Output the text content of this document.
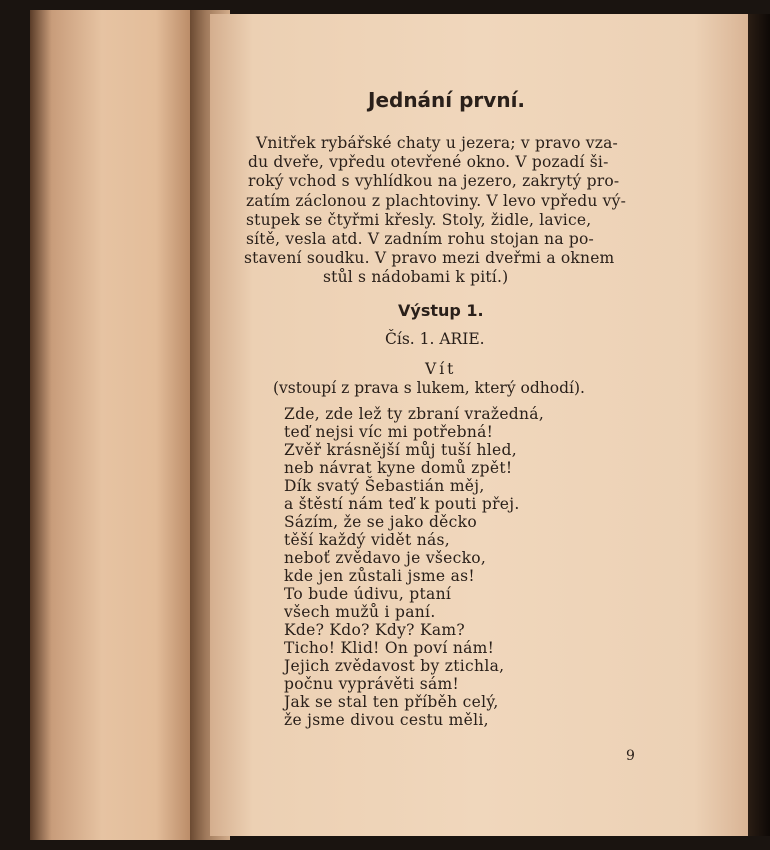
Jednání první.
Vnitřek rybářské chaty u jezera; v pravo vza-
du dveře, vpředu otevřené okno. V pozadí ši-
roký vchod s vyhlídkou na jezero, zakrytý pro-
zatím záclonou z plachtoviny. V levo vpředu vý-
stupek se čtyřmi křesly. Stoly, židle, lavice,
sítě, vesla atd. V zadním rohu stojan na po-
stavení soudku. V pravo mezi dveřmi a oknem
stůl s nádobami k pití.)
Výstup 1.
Čís. 1. ARIE.
Vít
(vstoupí z prava s lukem, který odhodí).
Zde, zde lež ty zbraní vražedná,
teď nejsi víc mi potřebná!
Zvěř krásnější můj tuší hled,
neb návrat kyne domů zpět!
Dík svatý Šebastián měj,
a štěstí nám teď k pouti přej.
Sázím, že se jako děcko
těší každý vidět nás,
neboť zvědavo je všecko,
kde jen zůstali jsme as!
To bude údivu, ptaní
všech mužů i paní.
Kde? Kdo? Kdy? Kam?
Ticho! Klid! On poví nám!
Jejich zvědavost by ztichla,
počnu vyprávěti sám!
Jak se stal ten příběh celý,
že jsme divou cestu měli,
9
